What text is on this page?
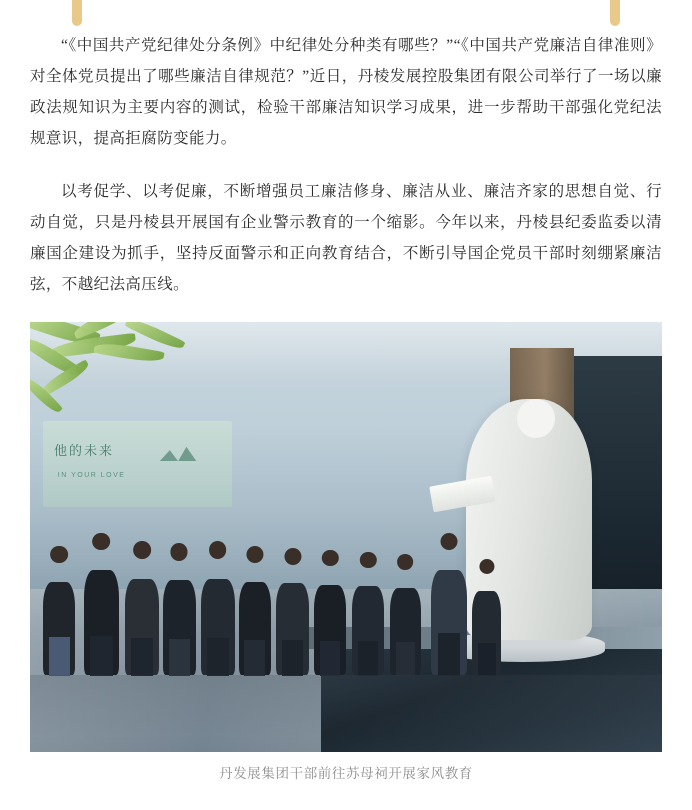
“《中国共产党纪律处分条例》中纪律处分种类有哪些？”“《中国共产党廉洁自律准则》对全体党员提出了哪些廉洁自律规范？”近日，丹棱发展控股集团有限公司举行了一场以廉政法规知识为主要内容的测试，检验干部廉洁知识学习成果，进一步帮助干部强化党纪法规意识，提高拒腐防变能力。

以考促学、以考促廉，不断增强员工廉洁修身、廉洁从业、廉洁齐家的思想自觉、行动自觉，只是丹棱县开展国有企业警示教育的一个缩影。今年以来，丹棱县纪委监委以清廉国企建设为抓手，坚持反面警示和正向教育结合，不断引导国企党员干部时刻绷紧廉洁弦，不越纪法高压线。

他的未来
IN YOUR LOVE
丹发展集团干部前往苏母祠开展家风教育
